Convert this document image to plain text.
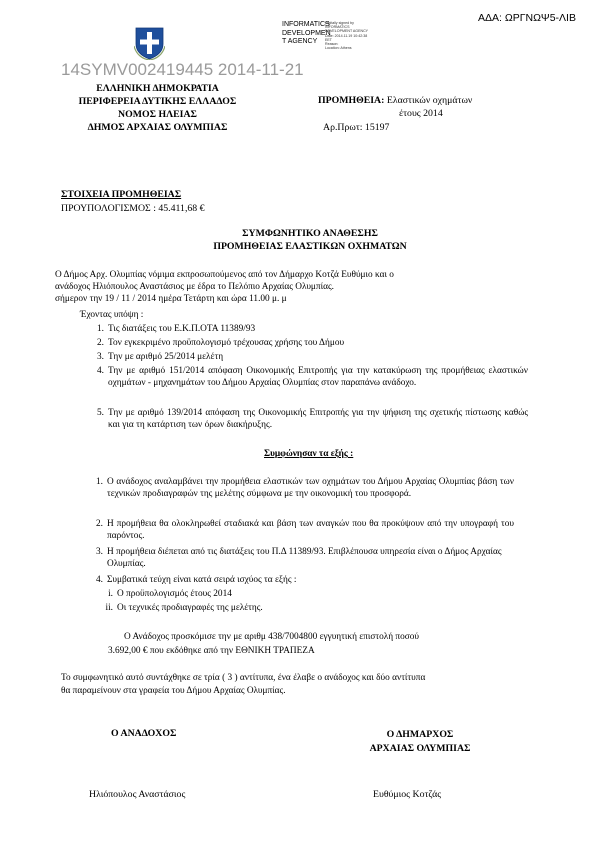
ΑΔΑ: ΩΡΓΝΩΨ5-ΛΙΒ
INFORMATICS
DEVELOPMEN
T AGENCY
Digitally signed by
INFORMATICS
DEVELOPMENT AGENCY
Date: 2014.11.19 10:42:38
EET
Reason:
Location: Athens
14SYMV002419445 2014-11-21
ΕΛΛΗΝΙΚΗ ΔΗΜΟΚΡΑΤΙΑ
ΠΕΡΙΦΕΡΕΙΑ ΔΥΤΙΚΗΣ ΕΛΛΑΔΟΣ
ΝΟΜΟΣ ΗΛΕΙΑΣ
ΔΗΜΟΣ ΑΡΧΑΙΑΣ ΟΛΥΜΠΙΑΣ
ΠΡΟΜΗΘΕΙΑ: Ελαστικών οχημάτων
έτους 2014
Αρ.Πρωτ: 15197
ΣΤΟΙΧΕΙΑ ΠΡΟΜΗΘΕΙΑΣ
ΠΡΟΥΠΟΛΟΓΙΣΜΟΣ : 45.411,68 €
ΣΥΜΦΩΝΗΤΙΚΟ ΑΝΑΘΕΣΗΣ
ΠΡΟΜΗΘΕΙΑΣ ΕΛΑΣΤΙΚΩΝ ΟΧΗΜΑΤΩΝ
Ο Δήμος Αρχ. Ολυμπίας νόμιμα εκπροσωπούμενος από τον Δήμαρχο Κοτζά Ευθύμιο και ο
ανάδοχος Ηλιόπουλος Αναστάσιος με έδρα το Πελόπιο Αρχαίας Ολυμπίας.
σήμερον την 19 / 11 / 2014 ημέρα Τετάρτη και ώρα 11.00 μ. μ
Έχοντας υπόψη :
1. Τις διατάξεις του Ε.Κ.Π.ΟΤΑ 11389/93
2. Τον εγκεκριμένο προϋπολογισμό τρέχουσας χρήσης του Δήμου
3. Την με αριθμό 25/2014 μελέτη
4. Την με αριθμό 151/2014 απόφαση Οικονομικής Επιτροπής για την κατακύρωση της προμήθειας ελαστικών οχημάτων - μηχανημάτων του Δήμου Αρχαίας Ολυμπίας στον παραπάνω ανάδοχο.
5. Την με αριθμό 139/2014 απόφαση της Οικονομικής Επιτροπής για την ψήφιση της σχετικής πίστωσης καθώς και για τη κατάρτιση των όρων διακήρυξης.
Συμφώνησαν τα εξής :
1. Ο ανάδοχος αναλαμβάνει την προμήθεια ελαστικών των οχημάτων του Δήμου Αρχαίας Ολυμπίας βάση των τεχνικών προδιαγραφών της μελέτης σύμφωνα με την οικονομική του προσφορά.
2. Η προμήθεια θα ολοκληρωθεί σταδιακά και βάση των αναγκών που θα προκύψουν από την υπογραφή του παρόντος.
3. Η προμήθεια διέπεται από τις διατάξεις του Π.Δ 11389/93. Επιβλέπουσα υπηρεσία είναι ο Δήμος Αρχαίας Ολυμπίας.
4. Συμβατικά τεύχη είναι κατά σειρά ισχύος τα εξής :
i. Ο προϋπολογισμός έτους 2014
ii. Οι τεχνικές προδιαγραφές της μελέτης.
Ο Ανάδοχος προσκόμισε την με αριθμ 438/7004800 εγγυητική επιστολή ποσού
3.692,00 € που εκδόθηκε από την ΕΘΝΙΚΗ ΤΡΑΠΕΖΑ
Το συμφωνητικό αυτό συντάχθηκε σε τρία ( 3 ) αντίτυπα, ένα έλαβε ο ανάδοχος και δύο αντίτυπα
θα παραμείνουν στα γραφεία του Δήμου Αρχαίας Ολυμπίας.
Ο ΑΝΑΔΟΧΟΣ	Ο ΔΗΜΑΡΧΟΣ
ΑΡΧΑΙΑΣ ΟΛΥΜΠΙΑΣ
Ηλιόπουλος Αναστάσιος	Ευθύμιος Κοτζάς
